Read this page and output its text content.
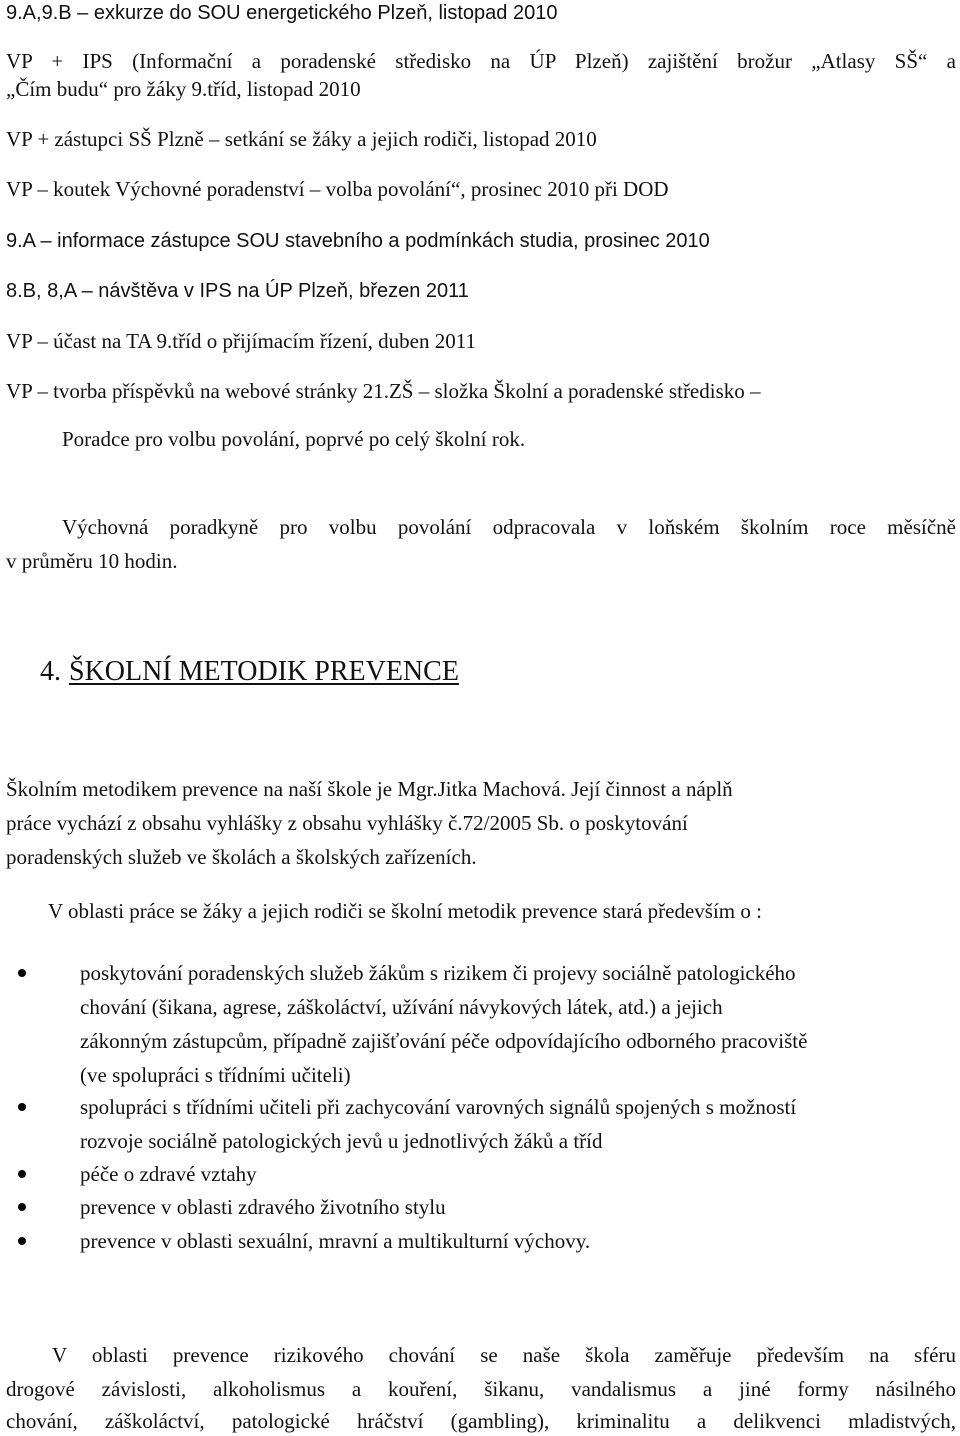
9.A,9.B – exkurze do SOU energetického Plzeň, listopad 2010
VP + IPS (Informační a poradenské středisko na ÚP Plzeň) zajištění brožur „Atlasy SŠ“ a
„Čím budu“ pro žáky 9.tříd, listopad 2010
VP + zástupci SŠ Plzně – setkání se žáky a jejich rodiči, listopad 2010
VP – koutek Výchovné poradenství – volba povolání“, prosinec 2010 při DOD
9.A – informace zástupce SOU stavebního a podmínkách studia, prosinec 2010
8.B, 8,A – návštěva v IPS na ÚP Plzeň, březen 2011
VP – účast na TA 9.tříd o přijímacím řízení, duben 2011
VP – tvorba příspěvků na webové stránky 21.ZŠ – složka Školní a poradenské středisko –
Poradce pro volbu povolání, poprvé po celý školní rok.
Výchovná poradkyně pro volbu povolání odpracovala v loňském školním roce měsíčně
v průměru 10 hodin.
4. ŠKOLNÍ METODIK PREVENCE
Školním metodikem prevence na naší škole je Mgr.Jitka Machová. Její činnost a náplň
práce vychází z obsahu vyhlášky z obsahu vyhlášky č.72/2005 Sb. o poskytování
poradenských služeb ve školách a školských zařízeních.
V oblasti práce se žáky a jejich rodiči se školní metodik prevence stará především o :
poskytování poradenských služeb žákům s rizikem či projevy sociálně patologického
chování (šikana, agrese, záškoláctví, užívání návykových látek, atd.) a jejich
zákonným zástupcům, případně zajišťování péče odpovídajícího odborného pracoviště
(ve spolupráci s třídními učiteli)
spolupráci s třídními učiteli při zachycování varovných signálů spojených s možností
rozvoje sociálně patologických jevů u jednotlivých žáků a tříd
péče o zdravé vztahy
prevence v oblasti zdravého životního stylu
prevence v oblasti sexuální, mravní a multikulturní výchovy.
V oblasti prevence rizikového chování se naše škola zaměřuje především na sféru
drogové závislosti, alkoholismus a kouření, šikanu, vandalismus a jiné formy násilného
chování, záškoláctví, patologické hráčství (gambling), kriminalitu a delikvenci mladistvých,
